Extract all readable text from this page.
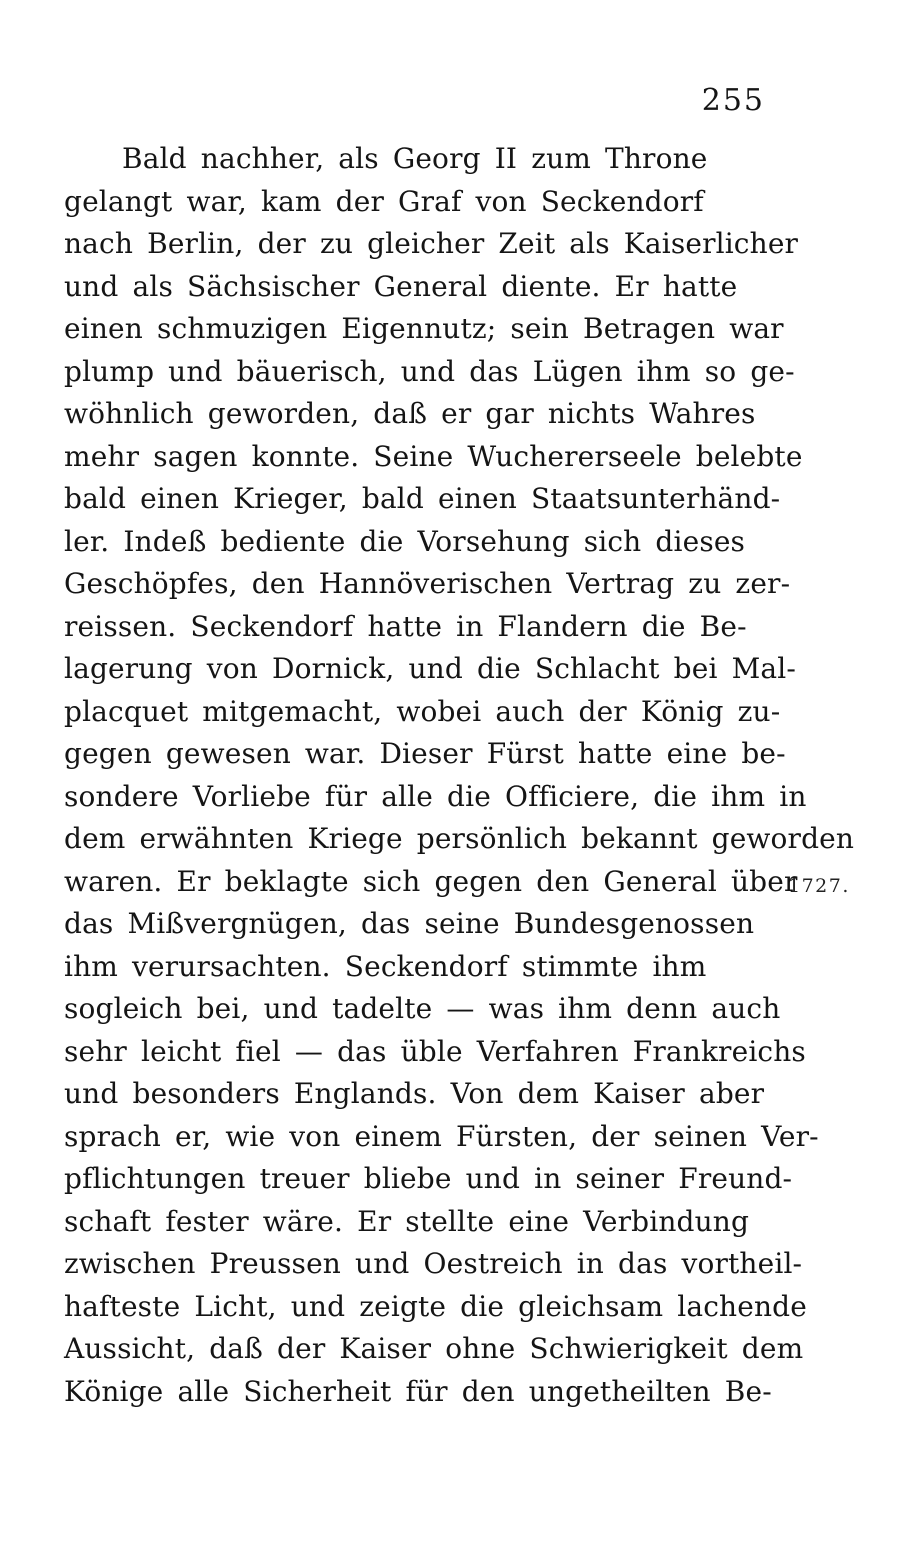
255
Bald nachher, als Georg II zum Throne
gelangt war, kam der Graf von Seckendorf
nach Berlin, der zu gleicher Zeit als Kaiserlicher
und als Sächsischer General diente. Er hatte
einen schmuzigen Eigennutz; sein Betragen war
plump und bäuerisch, und das Lügen ihm so ge-
wöhnlich geworden, daß er gar nichts Wahres
mehr sagen konnte. Seine Wuchererseele belebte
bald einen Krieger, bald einen Staatsunterhänd-
ler. Indeß bediente die Vorsehung sich dieses
Geschöpfes, den Hannöverischen Vertrag zu zer-
reissen. Seckendorf hatte in Flandern die Be-
lagerung von Dornick, und die Schlacht bei Mal-
placquet mitgemacht, wobei auch der König zu-
gegen gewesen war. Dieser Fürst hatte eine be-
sondere Vorliebe für alle die Officiere, die ihm in
dem erwähnten Kriege persönlich bekannt geworden
waren. Er beklagte sich gegen den General über
das Mißvergnügen, das seine Bundesgenossen
ihm verursachten. Seckendorf stimmte ihm
sogleich bei, und tadelte — was ihm denn auch
sehr leicht fiel — das üble Verfahren Frankreichs
und besonders Englands. Von dem Kaiser aber
sprach er, wie von einem Fürsten, der seinen Ver-
pflichtungen treuer bliebe und in seiner Freund-
schaft fester wäre. Er stellte eine Verbindung
zwischen Preussen und Oestreich in das vortheil-
hafteste Licht, und zeigte die gleichsam lachende
Aussicht, daß der Kaiser ohne Schwierigkeit dem
Könige alle Sicherheit für den ungetheilten Be-
1727.
